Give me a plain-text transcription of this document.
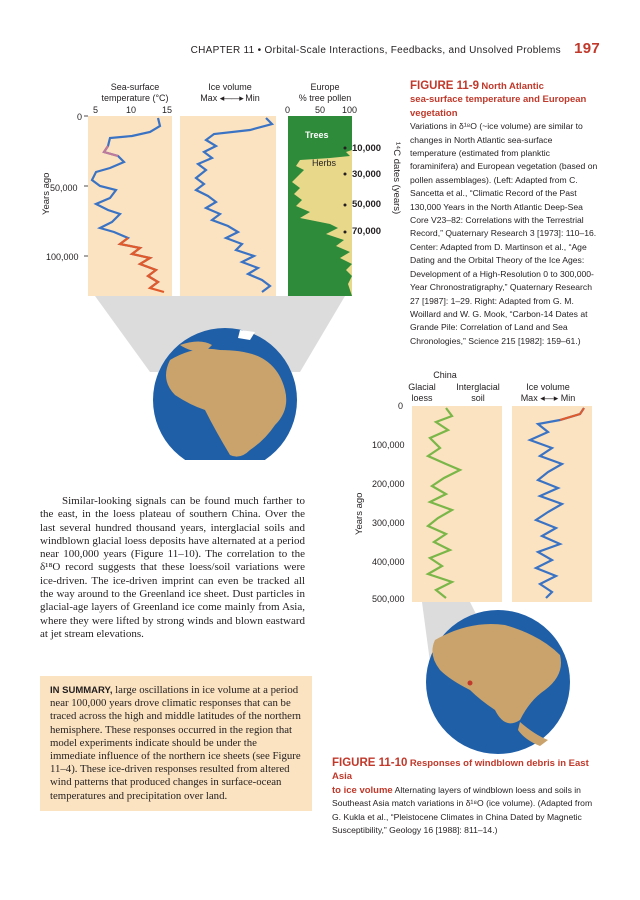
CHAPTER 11 • Orbital-Scale Interactions, Feedbacks, and Unsolved Problems 197
Sea-surface
temperature (°C)
5	10	15
Ice volume
Max ◂——▸ Min
Europe
% tree pollen
0	50 100
0
50,000
100,000
Years ago
Trees
Herbs
10,000
30,000
50,000
70,000
¹⁴C dates (years)
FIGURE 11-9 North Atlantic
sea-surface temperature and European vegetation
Variations in δ¹⁸O (~ice volume) are similar to changes in North Atlantic sea-surface temperature (estimated from planktic foraminifera) and European vegetation (based on pollen assemblages). (Left: Adapted from C. Sancetta et al., “Climatic Record of the Past 130,000 Years in the North Atlantic Deep-Sea Core V23–82: Correlations with the Terrestrial Record,” Quaternary Research 3 [1973]: 110–16. Center: Adapted from D. Martinson et al., “Age Dating and the Orbital Theory of the Ice Ages: Development of a High-Resolution 0 to 300,000-Year Chronostratigraphy,” Quaternary Research 27 [1987]: 1–29. Right: Adapted from G. M. Woillard and W. G. Mook, “Carbon-14 Dates at Grande Pile: Correlation of Land and Sea Chronologies,” Science 215 [1982]: 159–61.)
China
Glacial
loess
Interglacial
soil
Ice volume
Max ◂—▸ Min
0
100,000
200,000
300,000
400,000
500,000
Years ago
Similar-looking signals can be found much farther to the east, in the loess plateau of southern China. Over the last several hundred thousand years, interglacial soils and windblown glacial loess deposits have alternated at a period near 100,000 years (Figure 11–10). The correlation to the δ¹⁸O record suggests that these loess/soil variations were ice-driven. The ice-driven imprint can even be tracked all the way around to the Greenland ice sheet. Dust particles in glacial-age layers of Greenland ice come mainly from Asia, where they were lifted by strong winds and blown eastward at jet stream elevations.
IN SUMMARY, large oscillations in ice volume at a period near 100,000 years drove climatic responses that can be traced across the high and middle latitudes of the northern hemisphere. These responses occurred in the region that model experiments indicate should be under the immediate influence of the northern ice sheets (see Figure 11–4). These ice-driven responses resulted from altered wind patterns that produced changes in surface-ocean temperatures and precipitation over land.
FIGURE 11-10 Responses of windblown debris in East Asia
to ice volume Alternating layers of windblown loess and soils in Southeast Asia match variations in δ¹⁸O (ice volume). (Adapted from G. Kukla et al., “Pleistocene Climates in China Dated by Magnetic Susceptibility,” Geology 16 [1988]: 811–14.)
